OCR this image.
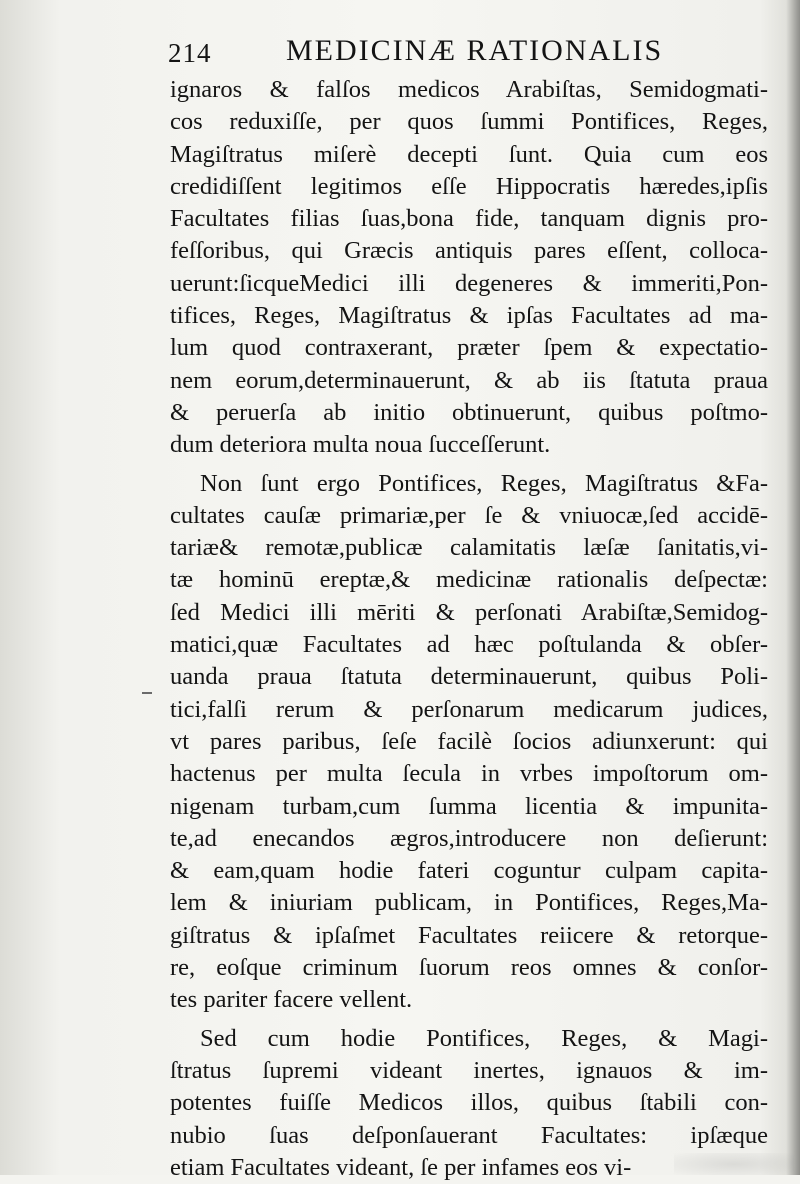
214 MEDICINÆ RATIONALIS
ignaros & falſos medicos Arabiſtas, Semidogmati-
cos reduxiſſe, per quos ſummi Pontifices, Reges,
Magiſtratus miſerè decepti ſunt. Quia cum eos
credidiſſent legitimos eſſe Hippocratis hæredes,ipſis
Facultates filias ſuas,bona fide, tanquam dignis pro-
feſſoribus, qui Græcis antiquis pares eſſent, colloca-
uerunt:ſicqueMedici illi degeneres & immeriti,Pon-
tifices, Reges, Magiſtratus & ipſas Facultates ad ma-
lum quod contraxerant, præter ſpem & expectatio-
nem eorum,determinauerunt, & ab iis ſtatuta praua
& peruerſa ab initio obtinuerunt, quibus poſtmo-
dum deteriora multa noua ſucceſſerunt.
Non ſunt ergo Pontifices, Reges, Magiſtratus &Fa-
cultates cauſæ primariæ,per ſe & vniuocæ,ſed accidē-
tariæ& remotæ,publicæ calamitatis læſæ ſanitatis,vi-
tæ hominū ereptæ,& medicinæ rationalis deſpectæ:
ſed Medici illi mēriti & perſonati Arabiſtæ,Semidog-
matici,quæ Facultates ad hæc poſtulanda & obſer-
uanda praua ſtatuta determinauerunt, quibus Poli-
tici,falſi rerum & perſonarum medicarum judices,
vt pares paribus, ſeſe facilè ſocios adiunxerunt: qui
hactenus per multa ſecula in vrbes impoſtorum om-
nigenam turbam,cum ſumma licentia & impunita-
te,ad enecandos ægros,introducere non deſierunt:
& eam,quam hodie fateri coguntur culpam capita-
lem & iniuriam publicam, in Pontifices, Reges,Ma-
giſtratus & ipſaſmet Facultates reiicere & retorque-
re, eoſque criminum ſuorum reos omnes & conſor-
tes pariter facere vellent.
Sed cum hodie Pontifices, Reges, & Magi-
ſtratus ſupremi videant inertes, ignauos & im-
potentes fuiſſe Medicos illos, quibus ſtabili con-
nubio ſuas deſponſauerant Facultates: ipſæque
etiam Facultates videant, ſe per infames eos vi-
